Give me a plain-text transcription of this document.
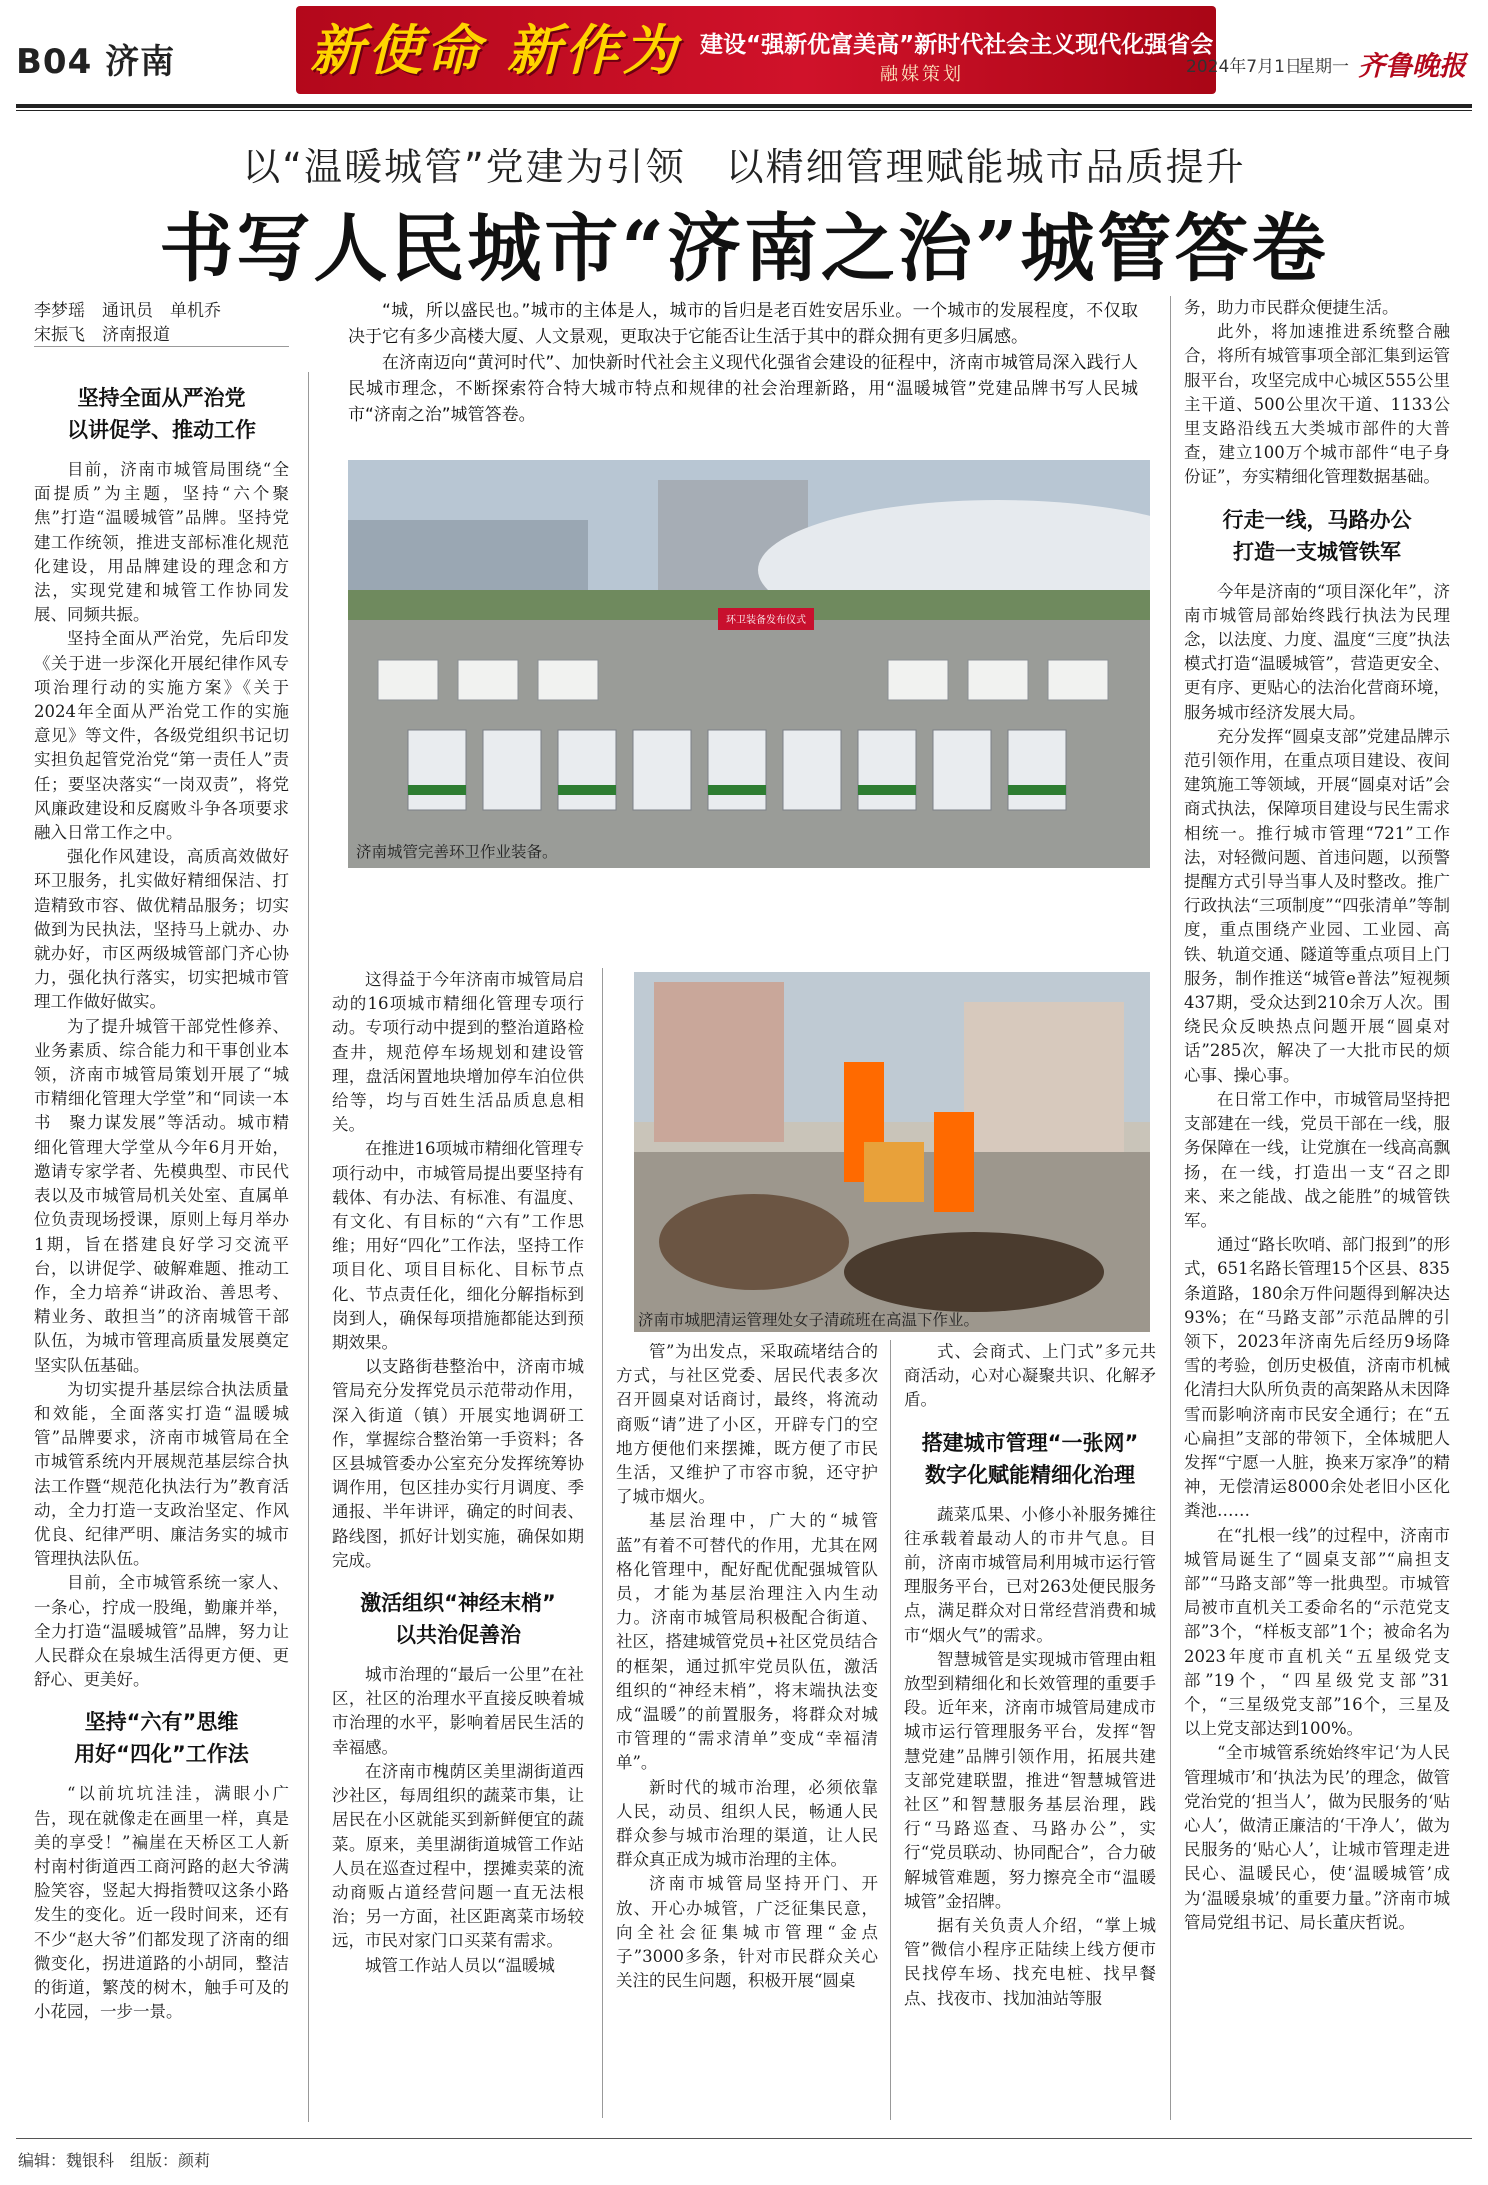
B04 济南 新使命 新作为 建设“强新优富美高”新时代社会主义现代化强省会
融媒策划	2024年7月1日
星期一 齐鲁晚报
以“温暖城管”党建为引领　以精细管理赋能城市品质提升
书写人民城市“济南之治”城管答卷
李梦瑶　通讯员　单机乔
宋振飞　济南报道

“城，所以盛民也。”城市的主体是人，城市的旨归是老百姓安居乐业。一个城市的发展程度，不仅取决于它有多少高楼大厦、人文景观，更取决于它能否让生活于其中的群众拥有更多归属感。

在济南迈向“黄河时代”、加快新时代社会主义现代化强省会建设的征程中，济南市城管局深入践行人民城市理念，不断探索符合特大城市特点和规律的社会治理新路，用“温暖城管”党建品牌书写人民城市“济南之治”城管答卷。

环卫装备发布仪式
济南城管完善环卫作业装备。
济南市城肥清运管理处女子清疏班在高温下作业。
坚持全面从严治党
以讲促学、推动工作

目前，济南市城管局围绕“全面提质”为主题，坚持“六个聚焦”打造“温暖城管”品牌。坚持党建工作统领，推进支部标准化规范化建设，用品牌建设的理念和方法，实现党建和城管工作协同发展、同频共振。

坚持全面从严治党，先后印发《关于进一步深化开展纪律作风专项治理行动的实施方案》《关于2024年全面从严治党工作的实施意见》等文件，各级党组织书记切实担负起管党治党“第一责任人”责任；要坚决落实“一岗双责”，将党风廉政建设和反腐败斗争各项要求融入日常工作之中。

强化作风建设，高质高效做好环卫服务，扎实做好精细保洁、打造精致市容、做优精品服务；切实做到为民执法，坚持马上就办、办就办好，市区两级城管部门齐心协力，强化执行落实，切实把城市管理工作做好做实。

为了提升城管干部党性修养、业务素质、综合能力和干事创业本领，济南市城管局策划开展了“城市精细化管理大学堂”和“同读一本书　聚力谋发展”等活动。城市精细化管理大学堂从今年6月开始，邀请专家学者、先模典型、市民代表以及市城管局机关处室、直属单位负责现场授课，原则上每月举办1期，旨在搭建良好学习交流平台，以讲促学、破解难题、推动工作，全力培养“讲政治、善思考、精业务、敢担当”的济南城管干部队伍，为城市管理高质量发展奠定坚实队伍基础。

为切实提升基层综合执法质量和效能，全面落实打造“温暖城管”品牌要求，济南市城管局在全市城管系统内开展规范基层综合执法工作暨“规范化执法行为”教育活动，全力打造一支政治坚定、作风优良、纪律严明、廉洁务实的城市管理执法队伍。

目前，全市城管系统一家人、一条心，拧成一股绳，勤廉并举，全力打造“温暖城管”品牌，努力让人民群众在泉城生活得更方便、更舒心、更美好。

坚持“六有”思维
用好“四化”工作法

“以前坑坑洼洼，满眼小广告，现在就像走在画里一样，真是美的享受！”褊崖在天桥区工人新村南村街道西工商河路的赵大爷满脸笑容，竖起大拇指赞叹这条小路发生的变化。近一段时间来，还有不少“赵大爷”们都发现了济南的细微变化，拐进道路的小胡同，整洁的街道，繁茂的树木，触手可及的小花园，一步一景。

这得益于今年济南市城管局启动的16项城市精细化管理专项行动。专项行动中提到的整治道路检查井，规范停车场规划和建设管理，盘活闲置地块增加停车泊位供给等，均与百姓生活品质息息相关。

在推进16项城市精细化管理专项行动中，市城管局提出要坚持有载体、有办法、有标准、有温度、有文化、有目标的“六有”工作思维；用好“四化”工作法，坚持工作项目化、项目目标化、目标节点化、节点责任化，细化分解指标到岗到人，确保每项措施都能达到预期效果。

以支路街巷整治中，济南市城管局充分发挥党员示范带动作用，深入街道（镇）开展实地调研工作，掌握综合整治第一手资料；各区县城管委办公室充分发挥统筹协调作用，包区挂办实行月调度、季通报、半年讲评，确定的时间表、路线图，抓好计划实施，确保如期完成。

激活组织“神经末梢”
以共治促善治

城市治理的“最后一公里”在社区，社区的治理水平直接反映着城市治理的水平，影响着居民生活的幸福感。

在济南市槐荫区美里湖街道西沙社区，每周组织的蔬菜市集，让居民在小区就能买到新鲜便宜的蔬菜。原来，美里湖街道城管工作站人员在巡查过程中，摆摊卖菜的流动商贩占道经营问题一直无法根治；另一方面，社区距离菜市场较远，市民对家门口买菜有需求。

城管工作站人员以“温暖城

管”为出发点，采取疏堵结合的方式，与社区党委、居民代表多次召开圆桌对话商讨，最终，将流动商贩“请”进了小区，开辟专门的空地方便他们来摆摊，既方便了市民生活，又维护了市容市貌，还守护了城市烟火。

基层治理中，广大的“城管蓝”有着不可替代的作用，尤其在网格化管理中，配好配优配强城管队员，才能为基层治理注入内生动力。济南市城管局积极配合街道、社区，搭建城管党员+社区党员结合的框架，通过抓牢党员队伍，激活组织的“神经末梢”，将末端执法变成“温暖”的前置服务，将群众对城市管理的“需求清单”变成“幸福清单”。

新时代的城市治理，必须依靠人民，动员、组织人民，畅通人民群众参与城市治理的渠道，让人民群众真正成为城市治理的主体。

济南市城管局坚持开门、开放、开心办城管，广泛征集民意，向全社会征集城市管理“金点子”3000多条，针对市民群众关心关注的民生问题，积极开展“圆桌

式、会商式、上门式”多元共商活动，心对心凝聚共识、化解矛盾。

搭建城市管理“一张网”
数字化赋能精细化治理

蔬菜瓜果、小修小补服务摊往往承载着最动人的市井气息。目前，济南市城管局利用城市运行管理服务平台，已对263处便民服务点，满足群众对日常经营消费和城市“烟火气”的需求。

智慧城管是实现城市管理由粗放型到精细化和长效管理的重要手段。近年来，济南市城管局建成市城市运行管理服务平台，发挥“智慧党建”品牌引领作用，拓展共建支部党建联盟，推进“智慧城管进社区”和智慧服务基层治理，践行“马路巡查、马路办公”，实行“党员联动、协同配合”，合力破解城管难题，努力擦亮全市“温暖城管”金招牌。

据有关负责人介绍，“掌上城管”微信小程序正陆续上线方便市民找停车场、找充电桩、找早餐点、找夜市、找加油站等服

务，助力市民群众便捷生活。

此外，将加速推进系统整合融合，将所有城管事项全部汇集到运管服平台，攻坚完成中心城区555公里主干道、500公里次干道、1133公里支路沿线五大类城市部件的大普查，建立100万个城市部件“电子身份证”，夯实精细化管理数据基础。

行走一线，马路办公
打造一支城管铁军

今年是济南的“项目深化年”，济南市城管局部始终践行执法为民理念，以法度、力度、温度“三度”执法模式打造“温暖城管”，营造更安全、更有序、更贴心的法治化营商环境，服务城市经济发展大局。

充分发挥“圆桌支部”党建品牌示范引领作用，在重点项目建设、夜间建筑施工等领域，开展“圆桌对话”会商式执法，保障项目建设与民生需求相统一。推行城市管理“721”工作法，对轻微问题、首违问题，以预警提醒方式引导当事人及时整改。推广行政执法“三项制度”“四张清单”等制度，重点围绕产业园、工业园、高铁、轨道交通、隧道等重点项目上门服务，制作推送“城管e普法”短视频437期，受众达到210余万人次。围绕民众反映热点问题开展“圆桌对话”285次，解决了一大批市民的烦心事、操心事。

在日常工作中，市城管局坚持把支部建在一线，党员干部在一线，服务保障在一线，让党旗在一线高高飘扬，在一线，打造出一支“召之即来、来之能战、战之能胜”的城管铁军。

通过“路长吹哨、部门报到”的形式，651名路长管理15个区县、835条道路，180余万件问题得到解决达93%；在“马路支部”示范品牌的引领下，2023年济南先后经历9场降雪的考验，创历史极值，济南市机械化清扫大队所负责的高架路从未因降雪而影响济南市民安全通行；在“五心扁担”支部的带领下，全体城肥人发挥“宁愿一人脏，换来万家净”的精神，无偿清运8000余处老旧小区化粪池……

在“扎根一线”的过程中，济南市城管局诞生了“圆桌支部”“扁担支部”“马路支部”等一批典型。市城管局被市直机关工委命名的“示范党支部”3个，“样板支部”1个；被命名为2023年度市直机关“五星级党支部”19个，“四星级党支部”31个，“三星级党支部”16个，三星及以上党支部达到100%。

“全市城管系统始终牢记‘为人民管理城市’和‘执法为民’的理念，做管党治党的‘担当人’，做为民服务的‘贴心人’，做清正廉洁的‘干净人’，做为民服务的‘贴心人’，让城市管理走进民心、温暖民心，使‘温暖城管’成为‘温暖泉城’的重要力量。”济南市城管局党组书记、局长董庆哲说。

编辑：魏银科　组版：颜莉
